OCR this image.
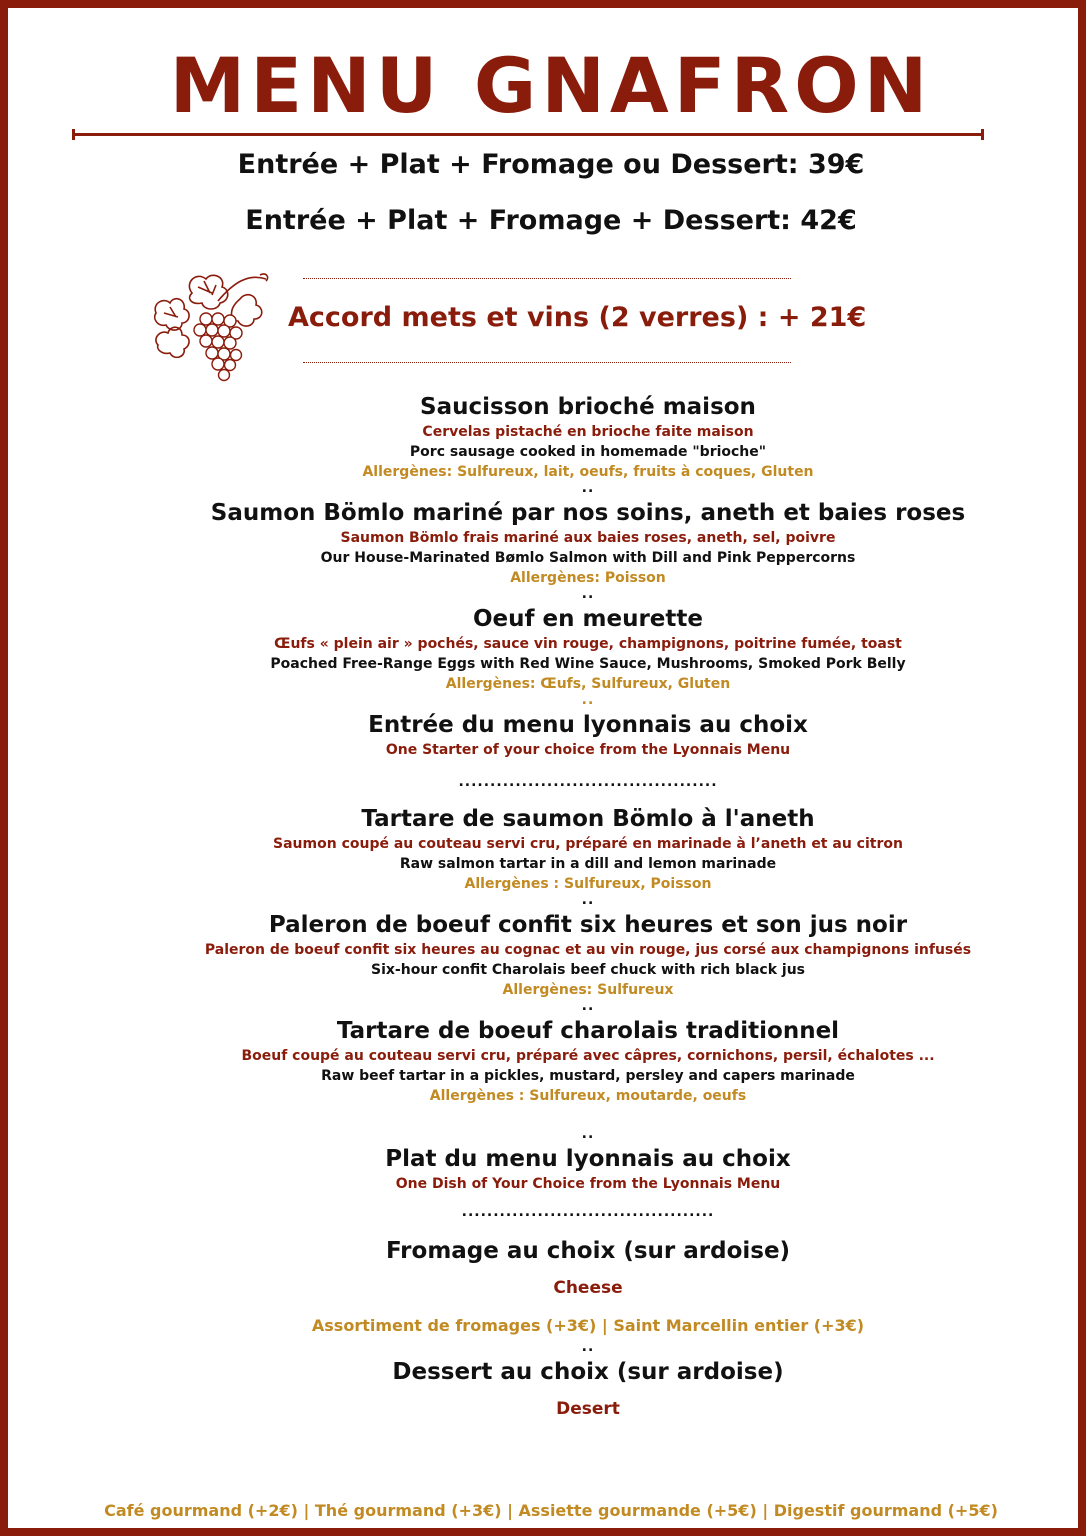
MENU GNAFRON
Entrée + Plat + Fromage ou Dessert: 39€
Entrée + Plat + Fromage + Dessert: 42€
Accord mets et vins (2 verres) : + 21€
Saucisson brioché maison
Cervelas pistaché en brioche faite maison
Porc sausage cooked in homemade "brioche"
Allergènes: Sulfureux, lait, oeufs, fruits à coques, Gluten
..
Saumon Bömlo mariné par nos soins, aneth et baies roses
Saumon Bömlo frais mariné aux baies roses, aneth, sel, poivre
Our House-Marinated Bømlo Salmon with Dill and Pink Peppercorns
Allergènes: Poisson
..
Oeuf en meurette
Œufs « plein air » pochés, sauce vin rouge, champignons, poitrine fumée, toast
Poached Free-Range Eggs with Red Wine Sauce, Mushrooms, Smoked Pork Belly
Allergènes: Œufs, Sulfureux, Gluten
..
Entrée du menu lyonnais au choix
One Starter of your choice from the Lyonnais Menu
.........................................
Tartare de saumon Bömlo à l'aneth
Saumon coupé au couteau servi cru, préparé en marinade à l’aneth et au citron
Raw salmon tartar in a dill and lemon marinade
Allergènes : Sulfureux, Poisson
..
Paleron de boeuf confit six heures et son jus noir
Paleron de boeuf confit six heures au cognac et au vin rouge, jus corsé aux champignons infusés
Six-hour confit Charolais beef chuck with rich black jus
Allergènes: Sulfureux
..
Tartare de boeuf charolais traditionnel
Boeuf coupé au couteau servi cru, préparé avec câpres, cornichons, persil, échalotes ...
Raw beef tartar in a pickles, mustard, persley and capers marinade
Allergènes : Sulfureux, moutarde, oeufs
..
Plat du menu lyonnais au choix
One Dish of Your Choice from the Lyonnais Menu
........................................
Fromage au choix (sur ardoise)
Cheese
Assortiment de fromages (+3€) | Saint Marcellin entier (+3€)
..
Dessert au choix (sur ardoise)
Desert
Café gourmand (+2€) | Thé gourmand (+3€) | Assiette gourmande (+5€) | Digestif gourmand (+5€)
